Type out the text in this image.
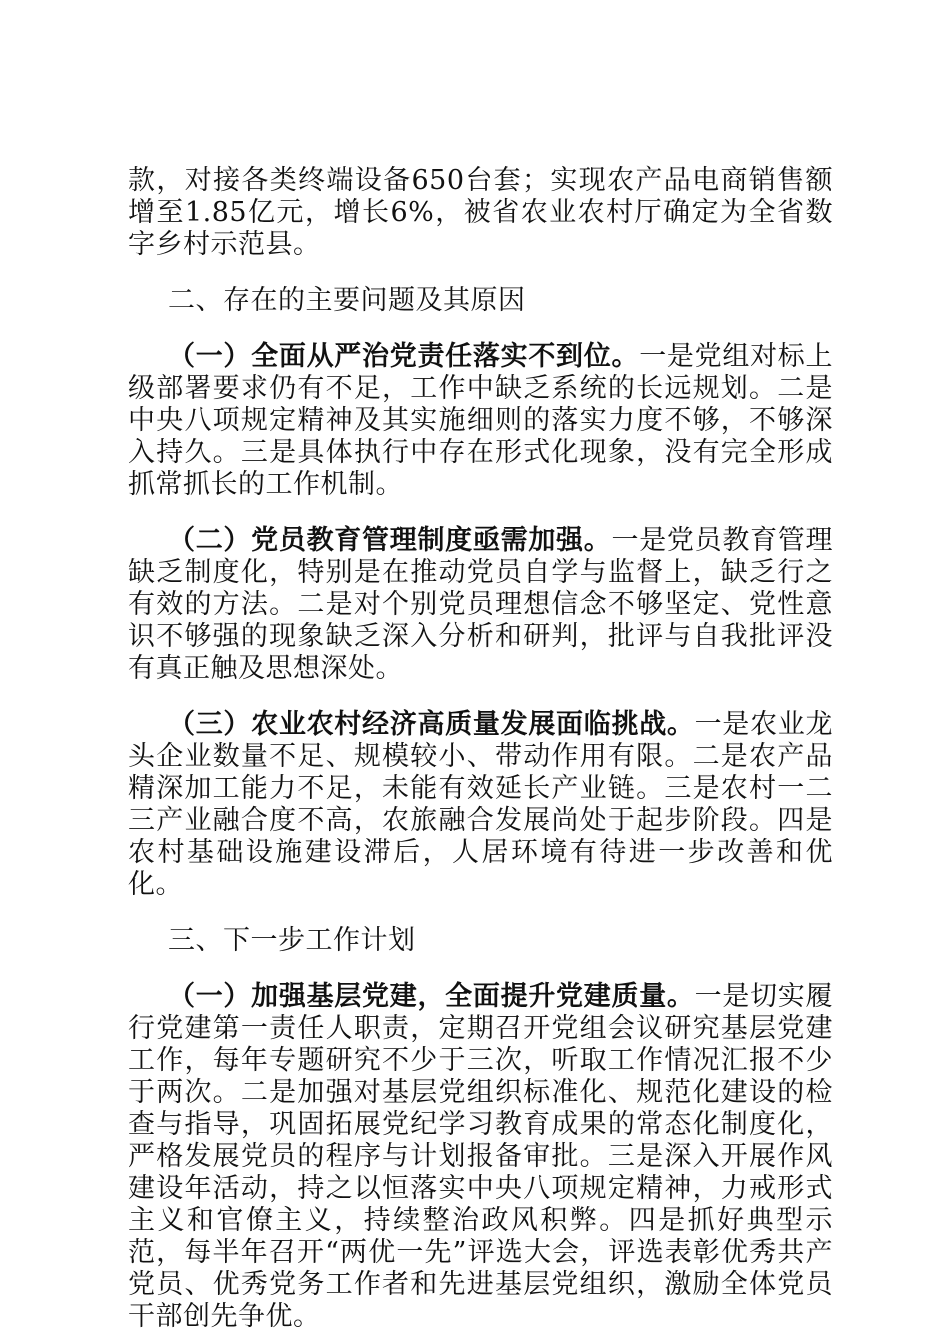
款，对接各类终端设备650台套；实现农产品电商销售额增至1.85亿元，增长6%，被省农业农村厅确定为全省数字乡村示范县。

二、存在的主要问题及其原因

（一）全面从严治党责任落实不到位。一是党组对标上级部署要求仍有不足，工作中缺乏系统的长远规划。二是中央八项规定精神及其实施细则的落实力度不够，不够深入持久。三是具体执行中存在形式化现象，没有完全形成抓常抓长的工作机制。

（二）党员教育管理制度亟需加强。一是党员教育管理缺乏制度化，特别是在推动党员自学与监督上，缺乏行之有效的方法。二是对个别党员理想信念不够坚定、党性意识不够强的现象缺乏深入分析和研判，批评与自我批评没有真正触及思想深处。

（三）农业农村经济高质量发展面临挑战。一是农业龙头企业数量不足、规模较小、带动作用有限。二是农产品精深加工能力不足，未能有效延长产业链。三是农村一二三产业融合度不高，农旅融合发展尚处于起步阶段。四是农村基础设施建设滞后，人居环境有待进一步改善和优化。

三、下一步工作计划

（一）加强基层党建，全面提升党建质量。一是切实履行党建第一责任人职责，定期召开党组会议研究基层党建工作，每年专题研究不少于三次，听取工作情况汇报不少于两次。二是加强对基层党组织标准化、规范化建设的检查与指导，巩固拓展党纪学习教育成果的常态化制度化，严格发展党员的程序与计划报备审批。三是深入开展作风建设年活动，持之以恒落实中央八项规定精神，力戒形式主义和官僚主义，持续整治政风积弊。四是抓好典型示范，每半年召开“两优一先”评选大会，评选表彰优秀共产党员、优秀党务工作者和先进基层党组织，激励全体党员干部创先争优。
